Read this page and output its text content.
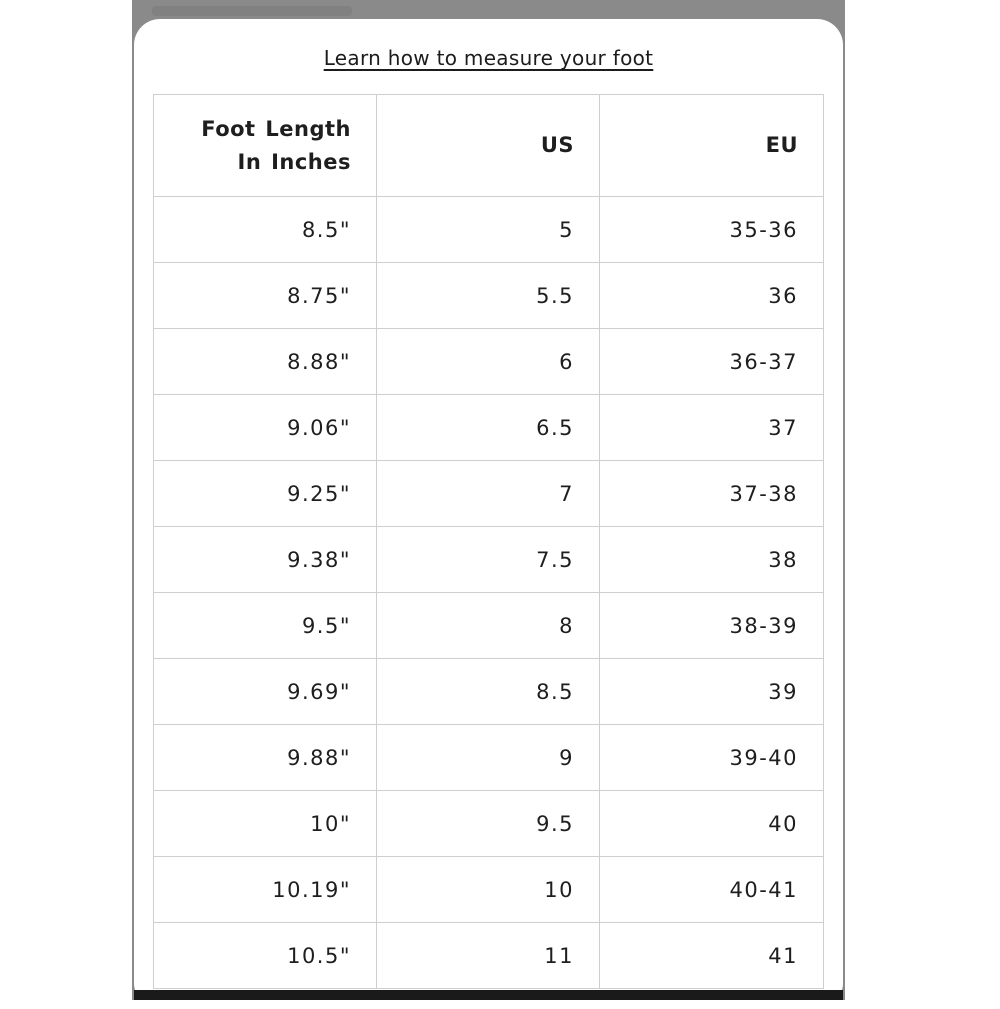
Learn how to measure your foot
Foot Length In Inches	US	EU
8.5"	5	35-36
8.75"	5.5	36
8.88"	6	36-37
9.06"	6.5	37
9.25"	7	37-38
9.38"	7.5	38
9.5"	8	38-39
9.69"	8.5	39
9.88"	9	39-40
10"	9.5	40
10.19"	10	40-41
10.5"	11	41
